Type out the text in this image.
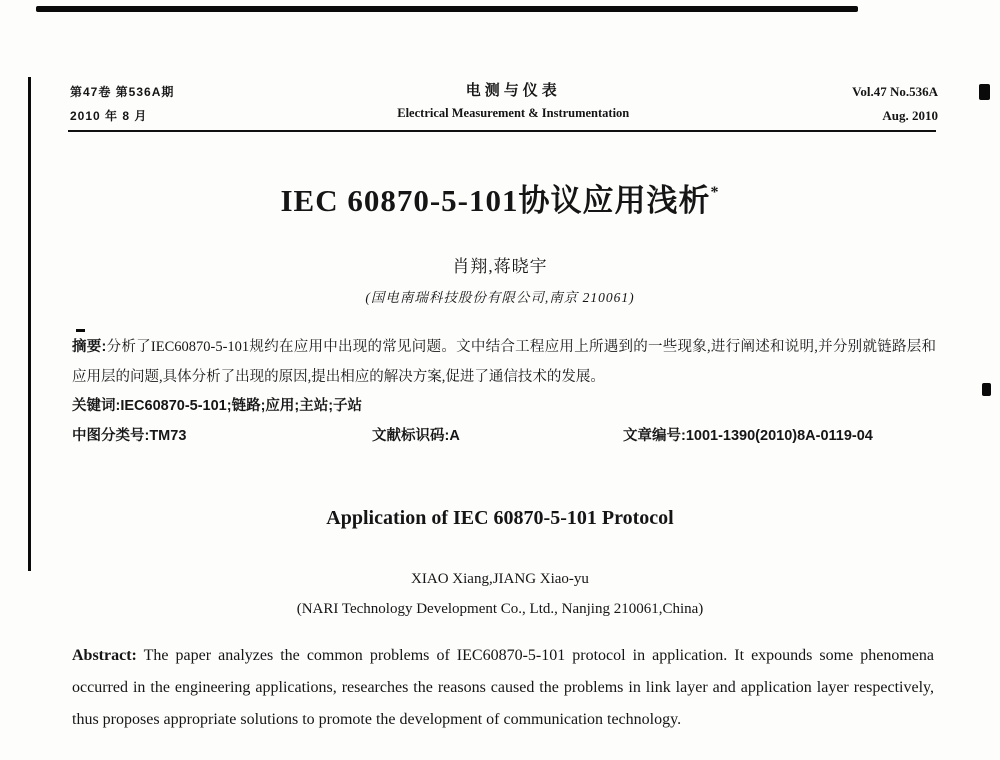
第47卷 第536A期
2010 年 8 月
电测与仪表
Electrical Measurement & Instrumentation
Vol.47 No.536A
Aug. 2010
IEC 60870-5-101协议应用浅析*
肖翔,蒋晓宇
(国电南瑞科技股份有限公司,南京 210061)

摘要:分析了IEC60870-5-101规约在应用中出现的常见问题。文中结合工程应用上所遇到的一些现象,进行阐述和说明,并分别就链路层和应用层的问题,具体分析了出现的原因,提出相应的解决方案,促进了通信技术的发展。

关键词:IEC60870-5-101;链路;应用;主站;子站

中图分类号:TM73	文献标识码:A	文章编号:1001-1390(2010)8A-0119-04
Application of IEC 60870-5-101 Protocol
XIAO Xiang,JIANG Xiao-yu
(NARI Technology Development Co., Ltd., Nanjing 210061,China)

Abstract: The paper analyzes the common problems of IEC60870-5-101 protocol in application. It expounds some phenomena occurred in the engineering applications, researches the reasons caused the problems in link layer and application layer respectively, thus proposes appropriate solutions to promote the development of communication technology.
